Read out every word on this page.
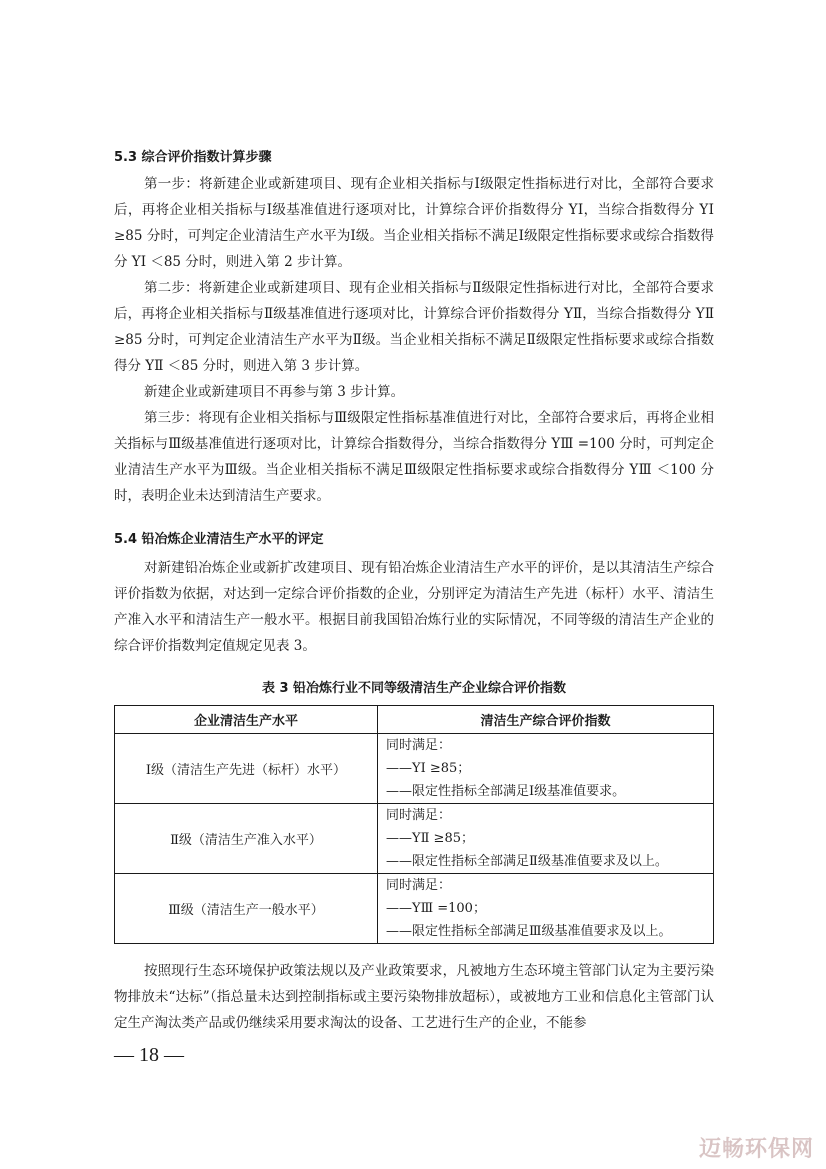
5.3 综合评价指数计算步骤
第一步：将新建企业或新建项目、现有企业相关指标与Ⅰ级限定性指标进行对比，全部符合要求后，再将企业相关指标与Ⅰ级基准值进行逐项对比，计算综合评价指数得分 YⅠ，当综合指数得分 YⅠ ≥85 分时，可判定企业清洁生产水平为Ⅰ级。当企业相关指标不满足Ⅰ级限定性指标要求或综合指数得分 YⅠ ＜85 分时，则进入第 2 步计算。
第二步：将新建企业或新建项目、现有企业相关指标与Ⅱ级限定性指标进行对比，全部符合要求后，再将企业相关指标与Ⅱ级基准值进行逐项对比，计算综合评价指数得分 YⅡ，当综合指数得分 YⅡ ≥85 分时，可判定企业清洁生产水平为Ⅱ级。当企业相关指标不满足Ⅱ级限定性指标要求或综合指数得分 YⅡ ＜85 分时，则进入第 3 步计算。
新建企业或新建项目不再参与第 3 步计算。
第三步：将现有企业相关指标与Ⅲ级限定性指标基准值进行对比，全部符合要求后，再将企业相关指标与Ⅲ级基准值进行逐项对比，计算综合指数得分，当综合指数得分 YⅢ =100 分时，可判定企业清洁生产水平为Ⅲ级。当企业相关指标不满足Ⅲ级限定性指标要求或综合指数得分 YⅢ ＜100 分时，表明企业未达到清洁生产要求。
5.4 铅冶炼企业清洁生产水平的评定
对新建铅冶炼企业或新扩改建项目、现有铅冶炼企业清洁生产水平的评价，是以其清洁生产综合评价指数为依据，对达到一定综合评价指数的企业，分别评定为清洁生产先进（标杆）水平、清洁生产准入水平和清洁生产一般水平。根据目前我国铅冶炼行业的实际情况，不同等级的清洁生产企业的综合评价指数判定值规定见表 3。
表 3 铅冶炼行业不同等级清洁生产企业综合评价指数
企业清洁生产水平	清洁生产综合评价指数
Ⅰ级（清洁生产先进（标杆）水平）	同时满足：
——YⅠ ≥85；
——限定性指标全部满足Ⅰ级基准值要求。

Ⅱ级（清洁生产准入水平）	同时满足：
——YⅡ ≥85；
——限定性指标全部满足Ⅱ级基准值要求及以上。

Ⅲ级（清洁生产一般水平）	同时满足：
——YⅢ =100；
——限定性指标全部满足Ⅲ级基准值要求及以上。
按照现行生态环境保护政策法规以及产业政策要求，凡被地方生态环境主管部门认定为主要污染物排放未“达标”（指总量未达到控制指标或主要污染物排放超标），或被地方工业和信息化主管部门认定生产淘汰类产品或仍继续采用要求淘汰的设备、工艺进行生产的企业，不能参
— 18 —
迈畅环保网
